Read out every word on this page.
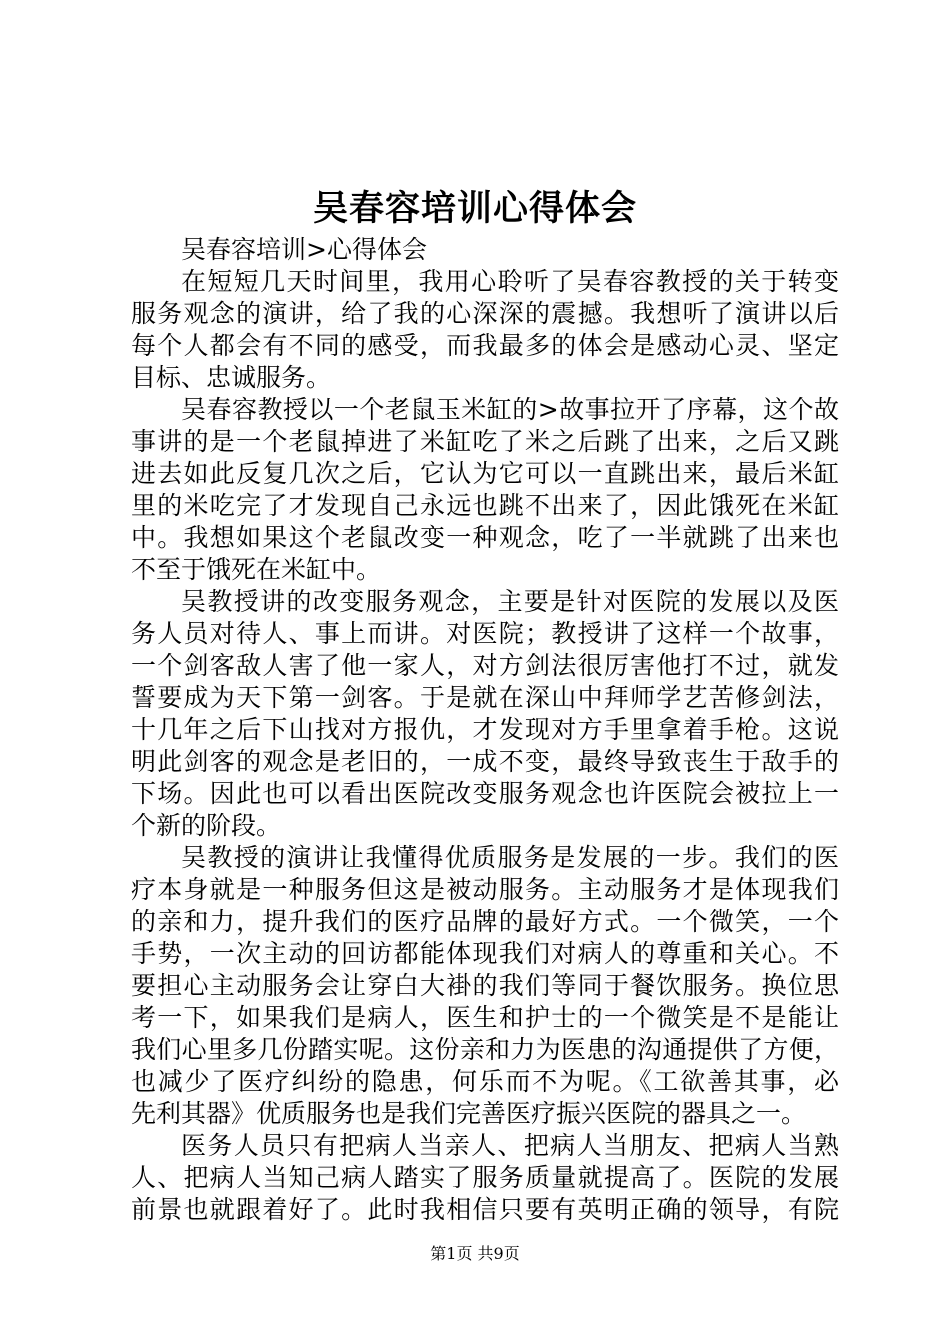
吴春容培训心得体会
吴春容培训>心得体会
在短短几天时间里，我用心聆听了吴春容教授的关于转变
服务观念的演讲，给了我的心深深的震撼。我想听了演讲以后
每个人都会有不同的感受，而我最多的体会是感动心灵、坚定
目标、忠诚服务。
吴春容教授以一个老鼠玉米缸的>故事拉开了序幕，这个故
事讲的是一个老鼠掉进了米缸吃了米之后跳了出来，之后又跳
进去如此反复几次之后，它认为它可以一直跳出来，最后米缸
里的米吃完了才发现自己永远也跳不出来了，因此饿死在米缸
中。我想如果这个老鼠改变一种观念，吃了一半就跳了出来也
不至于饿死在米缸中。
吴教授讲的改变服务观念，主要是针对医院的发展以及医
务人员对待人、事上而讲。对医院；教授讲了这样一个故事，
一个剑客敌人害了他一家人，对方剑法很厉害他打不过，就发
誓要成为天下第一剑客。于是就在深山中拜师学艺苦修剑法，
十几年之后下山找对方报仇，才发现对方手里拿着手枪。这说
明此剑客的观念是老旧的，一成不变，最终导致丧生于敌手的
下场。因此也可以看出医院改变服务观念也许医院会被拉上一
个新的阶段。
吴教授的演讲让我懂得优质服务是发展的一步。我们的医
疗本身就是一种服务但这是被动服务。主动服务才是体现我们
的亲和力，提升我们的医疗品牌的最好方式。一个微笑，一个
手势，一次主动的回访都能体现我们对病人的尊重和关心。不
要担心主动服务会让穿白大褂的我们等同于餐饮服务。换位思
考一下，如果我们是病人，医生和护士的一个微笑是不是能让
我们心里多几份踏实呢。这份亲和力为医患的沟通提供了方便，
也减少了医疗纠纷的隐患，何乐而不为呢。《工欲善其事，必
先利其器》优质服务也是我们完善医疗振兴医院的器具之一。
医务人员只有把病人当亲人、把病人当朋友、把病人当熟
人、把病人当知己病人踏实了服务质量就提高了。医院的发展
前景也就跟着好了。此时我相信只要有英明正确的领导，有院
第1页 共9页
